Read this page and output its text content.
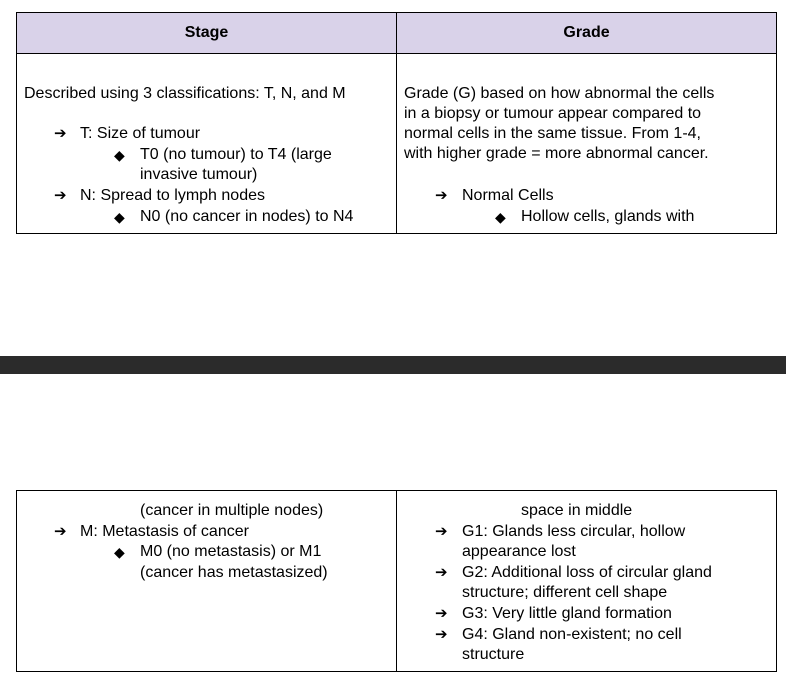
Stage	Grade
Described using 3 classifications: T, N, and M
➔ T: Size of tumour
◆ T0 (no tumour) to T4 (large
invasive tumour)
➔ N: Spread to lymph nodes
◆ N0 (no cancer in nodes) to N4
Grade (G) based on how abnormal the cells
in a biopsy or tumour appear compared to
normal cells in the same tissue. From 1-4,
with higher grade = more abnormal cancer.
➔ Normal Cells
◆ Hollow cells, glands with
(cancer in multiple nodes)
➔ M: Metastasis of cancer
◆ M0 (no metastasis) or M1
(cancer has metastasized)
space in middle
➔ G1: Glands less circular, hollow
appearance lost
➔ G2: Additional loss of circular gland
structure; different cell shape
➔ G3: Very little gland formation
➔ G4: Gland non-existent; no cell
structure
